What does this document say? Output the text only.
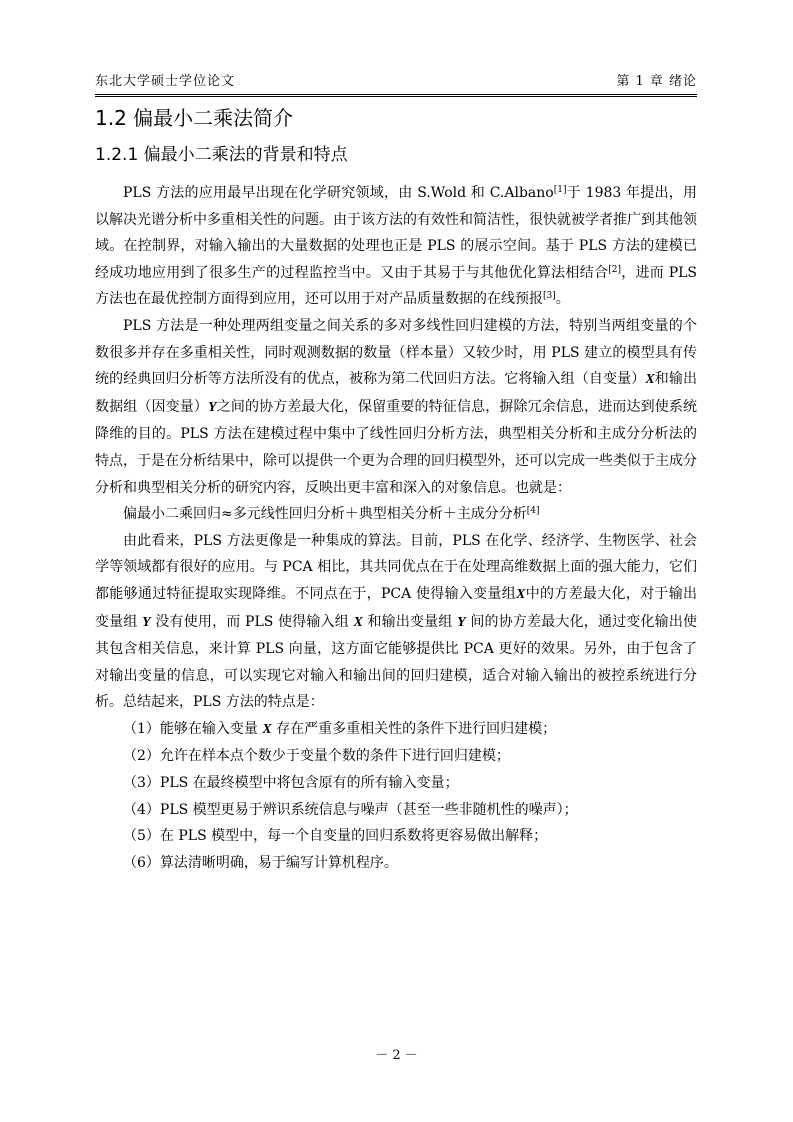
东北大学硕士学位论文	第 1 章 绪论
1.2 偏最小二乘法简介
1.2.1 偏最小二乘法的背景和特点

PLS 方法的应用最早出现在化学研究领域，由 S.Wold 和 C.Albano[1]于 1983 年提出，用以解决光谱分析中多重相关性的问题。由于该方法的有效性和简洁性，很快就被学者推广到其他领域。在控制界，对输入输出的大量数据的处理也正是 PLS 的展示空间。基于 PLS 方法的建模已经成功地应用到了很多生产的过程监控当中。又由于其易于与其他优化算法相结合[2]，进而 PLS 方法也在最优控制方面得到应用，还可以用于对产品质量数据的在线预报[3]。

PLS 方法是一种处理两组变量之间关系的多对多线性回归建模的方法，特别当两组变量的个数很多并存在多重相关性，同时观测数据的数量（样本量）又较少时，用 PLS 建立的模型具有传统的经典回归分析等方法所没有的优点，被称为第二代回归方法。它将输入组（自变量）X和输出数据组（因变量）Y之间的协方差最大化，保留重要的特征信息，摒除冗余信息，进而达到使系统降维的目的。PLS 方法在建模过程中集中了线性回归分析方法，典型相关分析和主成分分析法的特点，于是在分析结果中，除可以提供一个更为合理的回归模型外，还可以完成一些类似于主成分分析和典型相关分析的研究内容，反映出更丰富和深入的对象信息。也就是：

偏最小二乘回归≈多元线性回归分析＋典型相关分析＋主成分分析[4]

由此看来，PLS 方法更像是一种集成的算法。目前，PLS 在化学、经济学、生物医学、社会学等领域都有很好的应用。与 PCA 相比，其共同优点在于在处理高维数据上面的强大能力，它们都能够通过特征提取实现降维。不同点在于，PCA 使得输入变量组X中的方差最大化，对于输出变量组 Y 没有使用，而 PLS 使得输入组 X 和输出变量组 Y 间的协方差最大化，通过变化输出使其包含相关信息，来计算 PLS 向量，这方面它能够提供比 PCA 更好的效果。另外，由于包含了对输出变量的信息，可以实现它对输入和输出间的回归建模，适合对输入输出的被控系统进行分析。总结起来，PLS 方法的特点是：

（1）能够在输入变量 X 存在严重多重相关性的条件下进行回归建模；

（2）允许在样本点个数少于变量个数的条件下进行回归建模；

（3）PLS 在最终模型中将包含原有的所有输入变量；

（4）PLS 模型更易于辨识系统信息与噪声（甚至一些非随机性的噪声）；

（5）在 PLS 模型中，每一个自变量的回归系数将更容易做出解释；

（6）算法清晰明确，易于编写计算机程序。

－ 2 －
